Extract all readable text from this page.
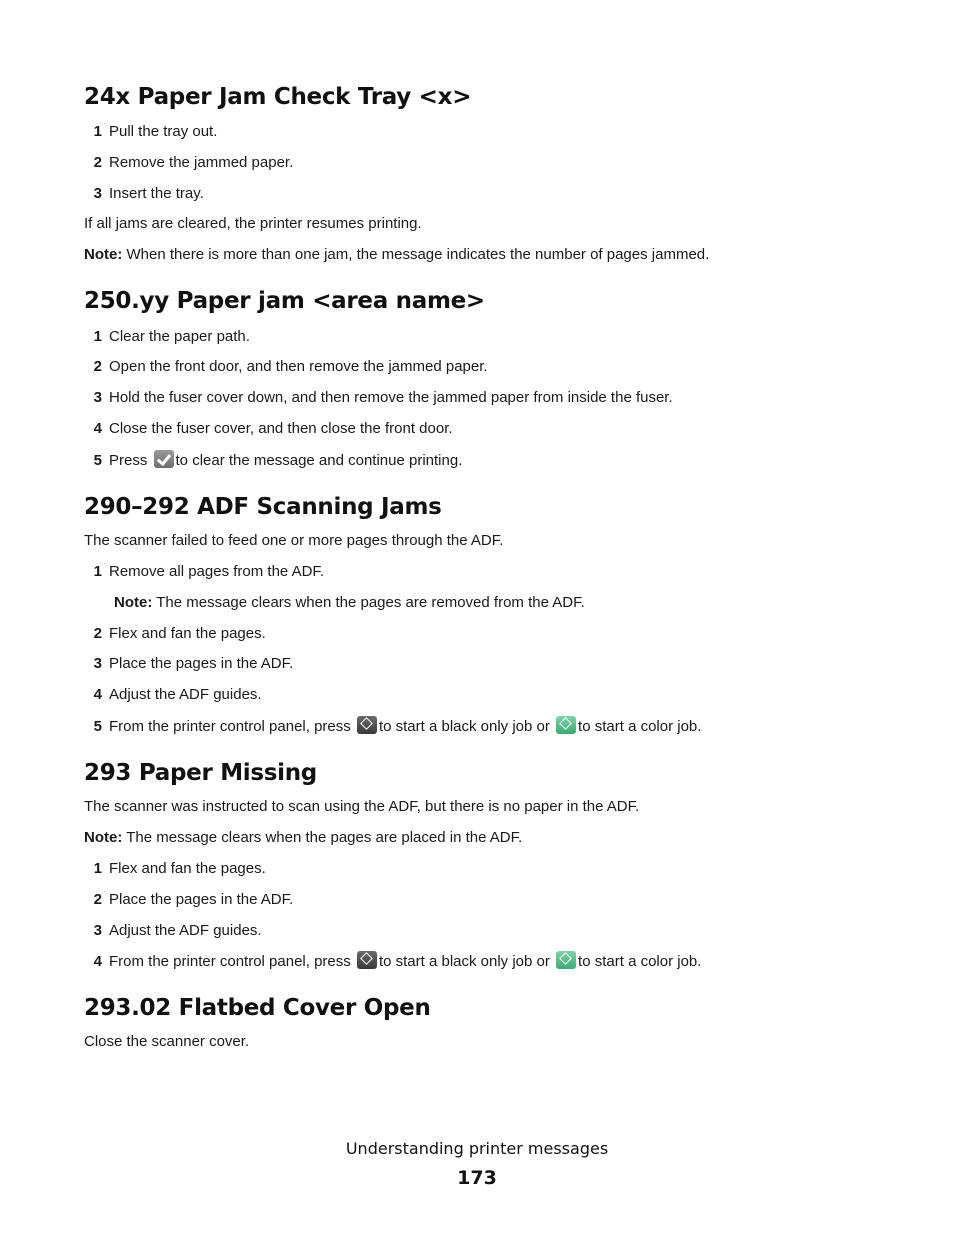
24x Paper Jam Check Tray <x>
1 Pull the tray out.
2 Remove the jammed paper.
3 Insert the tray.
If all jams are cleared, the printer resumes printing.
Note: When there is more than one jam, the message indicates the number of pages jammed.
250.yy Paper jam <area name>
1 Clear the paper path.
2 Open the front door, and then remove the jammed paper.
3 Hold the fuser cover down, and then remove the jammed paper from inside the fuser.
4 Close the fuser cover, and then close the front door.
5 Press to clear the message and continue printing.
290–292 ADF Scanning Jams
The scanner failed to feed one or more pages through the ADF.
1 Remove all pages from the ADF.
Note: The message clears when the pages are removed from the ADF.
2 Flex and fan the pages.
3 Place the pages in the ADF.
4 Adjust the ADF guides.
5 From the printer control panel, press to start a black only job or to start a color job.
293 Paper Missing
The scanner was instructed to scan using the ADF, but there is no paper in the ADF.
Note: The message clears when the pages are placed in the ADF.
1 Flex and fan the pages.
2 Place the pages in the ADF.
3 Adjust the ADF guides.
4 From the printer control panel, press to start a black only job or to start a color job.
293.02 Flatbed Cover Open
Close the scanner cover.
Understanding printer messages
173
